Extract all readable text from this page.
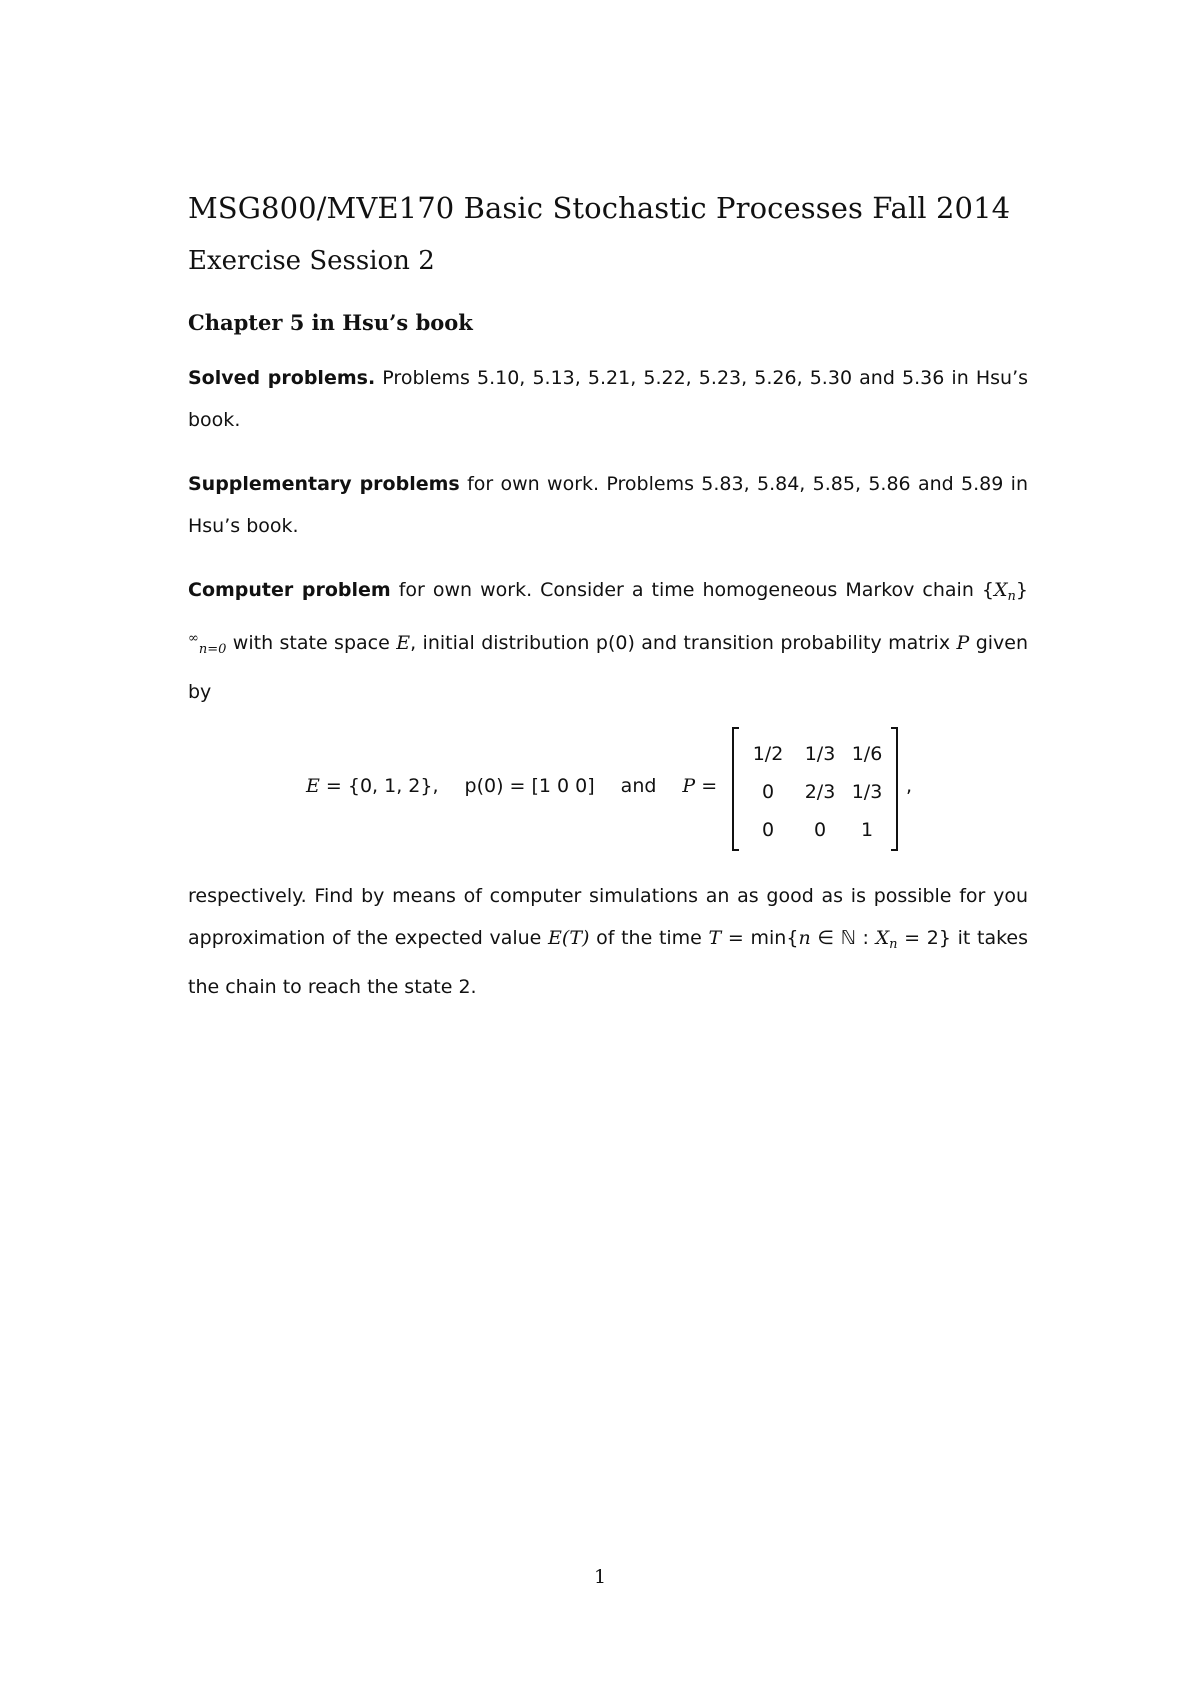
MSG800/MVE170 Basic Stochastic Processes Fall 2014
Exercise Session 2
Chapter 5 in Hsu’s book

Solved problems. Problems 5.10, 5.13, 5.21, 5.22, 5.23, 5.26, 5.30 and 5.36 in Hsu’s book.

Supplementary problems for own work. Problems 5.83, 5.84, 5.85, 5.86 and 5.89 in Hsu’s book.

Computer problem for own work. Consider a time homogeneous Markov chain $\{X_n\}^\infty_{n=0}$ with state space E, initial distribution p(0) and transition probability matrix P given by

E = {0, 1, 2}, p(0) = [1 0 0] and P =
1/2	1/3 1/6
0	2/3 1/3
0	0	1
,

respectively. Find by means of computer simulations an as good as is possible for you approximation of the expected value E(T) of the time T = min{n ∈ ℕ : $X_n = 2$} it takes the chain to reach the state 2.

1
